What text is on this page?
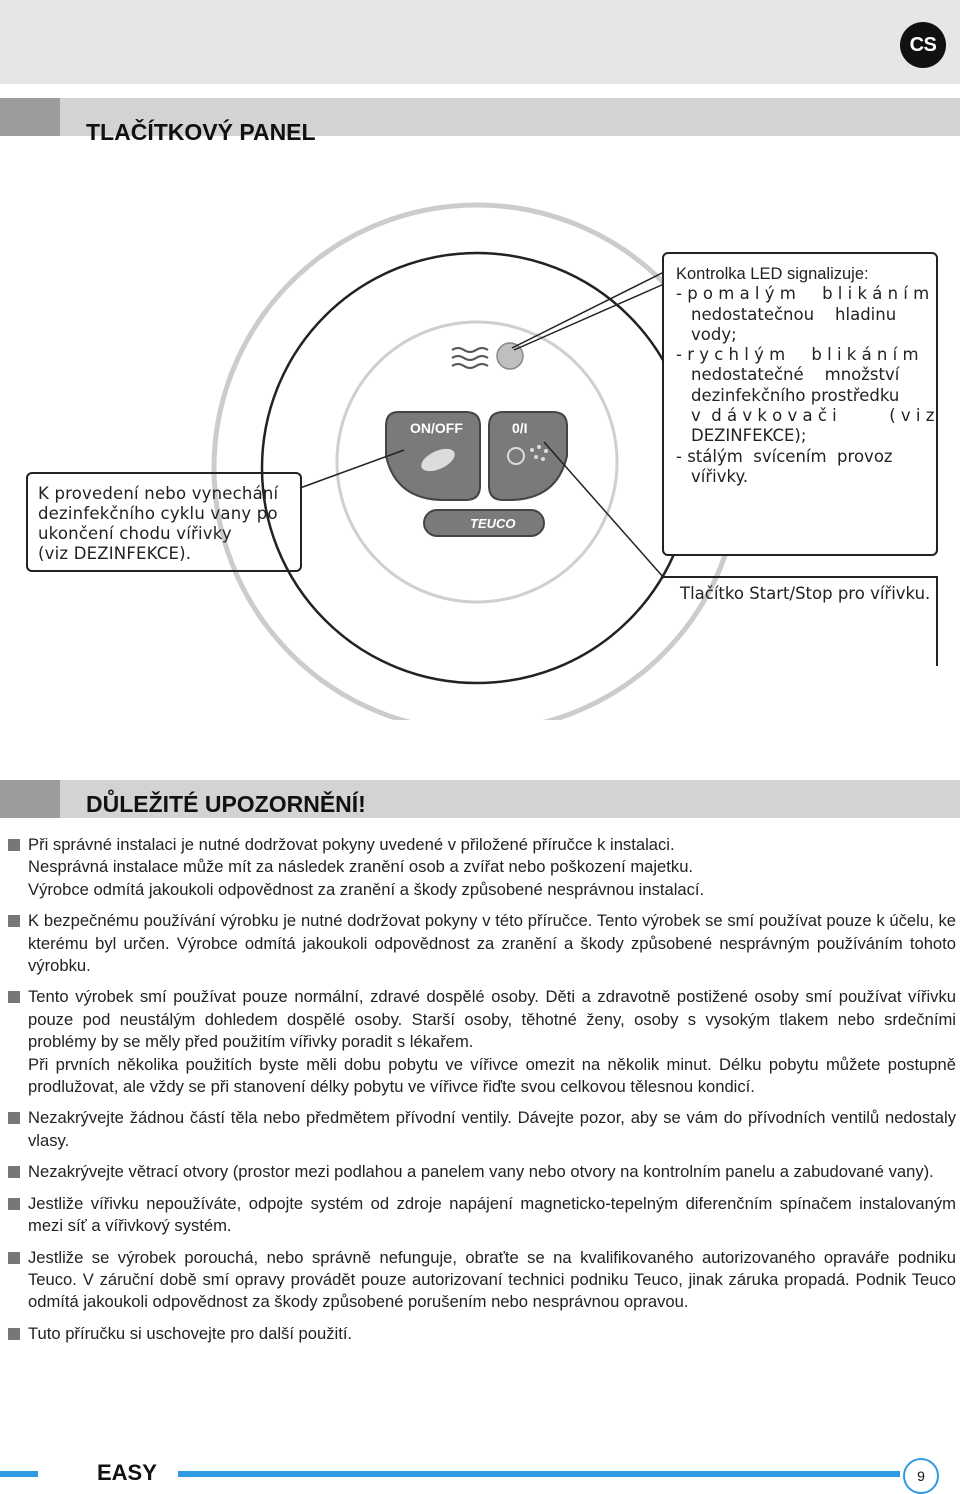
CS
TLAČÍTKOVÝ PANEL
ON/OFF	0/I
TEUCO
K provedení nebo vynechání
dezinfekčního cyklu vany po
ukončení chodu vířivky
(viz DEZINFEKCE).
Kontrolka LED signalizuje:
- p o m a l ý m     b l i k á n í m
nedostatečnou    hladinu
vody;
- r y c h l ý m     b l i k á n í m
nedostatečné    množství
dezinfekčního prostředku
v  d á v k o v a č i          ( v i z
DEZINFEKCE);
- stálým  svícením  provoz
vířivky.
Tlačítko Start/Stop pro vířivku.
DŮLEŽITÉ UPOZORNĚNÍ!

Při správné instalaci je nutné dodržovat pokyny uvedené v přiložené příručce k instalaci.

Nesprávná instalace může mít za následek zranění osob a zvířat nebo poškození majetku.

Výrobce odmítá jakoukoli odpovědnost za zranění a škody způsobené nesprávnou instalací.

K bezpečnému používání výrobku je nutné dodržovat pokyny v této příručce. Tento výrobek se smí používat pouze k účelu, ke kterému byl určen. Výrobce odmítá jakoukoli odpovědnost za zranění a škody způsobené nesprávným používáním tohoto výrobku.

Tento výrobek smí používat pouze normální, zdravé dospělé osoby. Děti a zdravotně postižené osoby smí používat vířivku pouze pod neustálým dohledem dospělé osoby. Starší osoby, těhotné ženy, osoby s vysokým tlakem nebo srdečními problémy by se měly před použitím vířivky poradit s lékařem.

Při prvních několika použitích byste měli dobu pobytu ve vířivce omezit na několik minut. Délku pobytu můžete postupně prodlužovat, ale vždy se při stanovení délky pobytu ve vířivce řiďte svou celkovou tělesnou kondicí.

Nezakrývejte žádnou částí těla nebo předmětem přívodní ventily. Dávejte pozor, aby se vám do přívodních ventilů nedostaly vlasy.

Nezakrývejte větrací otvory (prostor mezi podlahou a panelem vany nebo otvory na kontrolním panelu a zabudované vany).

Jestliže vířivku nepoužíváte, odpojte systém od zdroje napájení magneticko-tepelným diferenčním spínačem instalovaným mezi síť a vířivkový systém.

Jestliže se výrobek porouchá, nebo správně nefunguje, obraťte se na kvalifikovaného autorizovaného opraváře podniku Teuco. V záruční době smí opravy provádět pouze autorizovaní technici podniku Teuco, jinak záruka propadá. Podnik Teuco odmítá jakoukoli odpovědnost za škody způsobené porušením nebo nesprávnou opravou.

Tuto příručku si uschovejte pro další použití.

EASY	9
